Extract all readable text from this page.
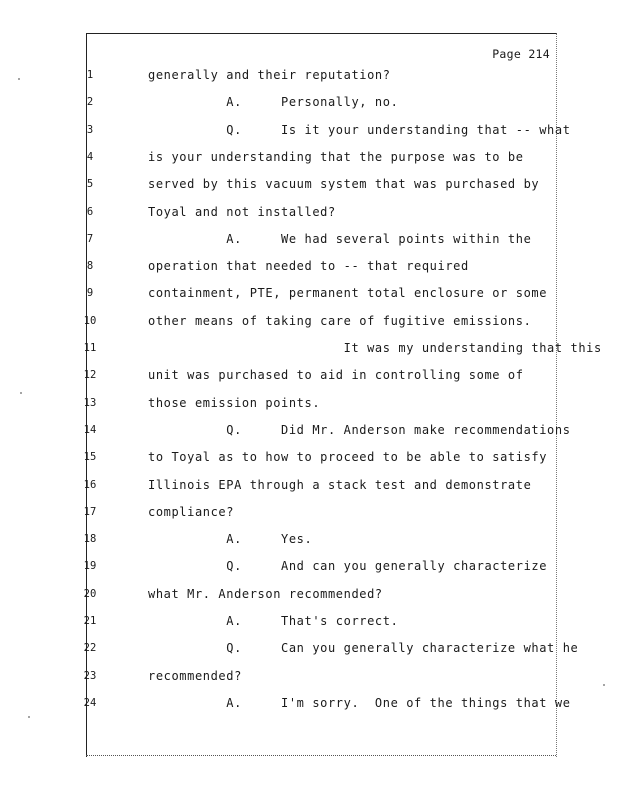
Page 214
1	generally and their reputation?
2	A.     Personally, no.
3	Q.     Is it your understanding that -- what
4	is your understanding that the purpose was to be
5	served by this vacuum system that was purchased by
6	Toyal and not installed?
7	A.     We had several points within the
8	operation that needed to -- that required
9	containment, PTE, permanent total enclosure or some
10	other means of taking care of fugitive emissions.
11	It was my understanding that this
12	unit was purchased to aid in controlling some of
13	those emission points.
14	Q.     Did Mr. Anderson make recommendations
15	to Toyal as to how to proceed to be able to satisfy
16	Illinois EPA through a stack test and demonstrate
17	compliance?
18	A.     Yes.
19	Q.     And can you generally characterize
20	what Mr. Anderson recommended?
21	A.     That's correct.
22	Q.     Can you generally characterize what he
23	recommended?
24	A.     I'm sorry.  One of the things that we
